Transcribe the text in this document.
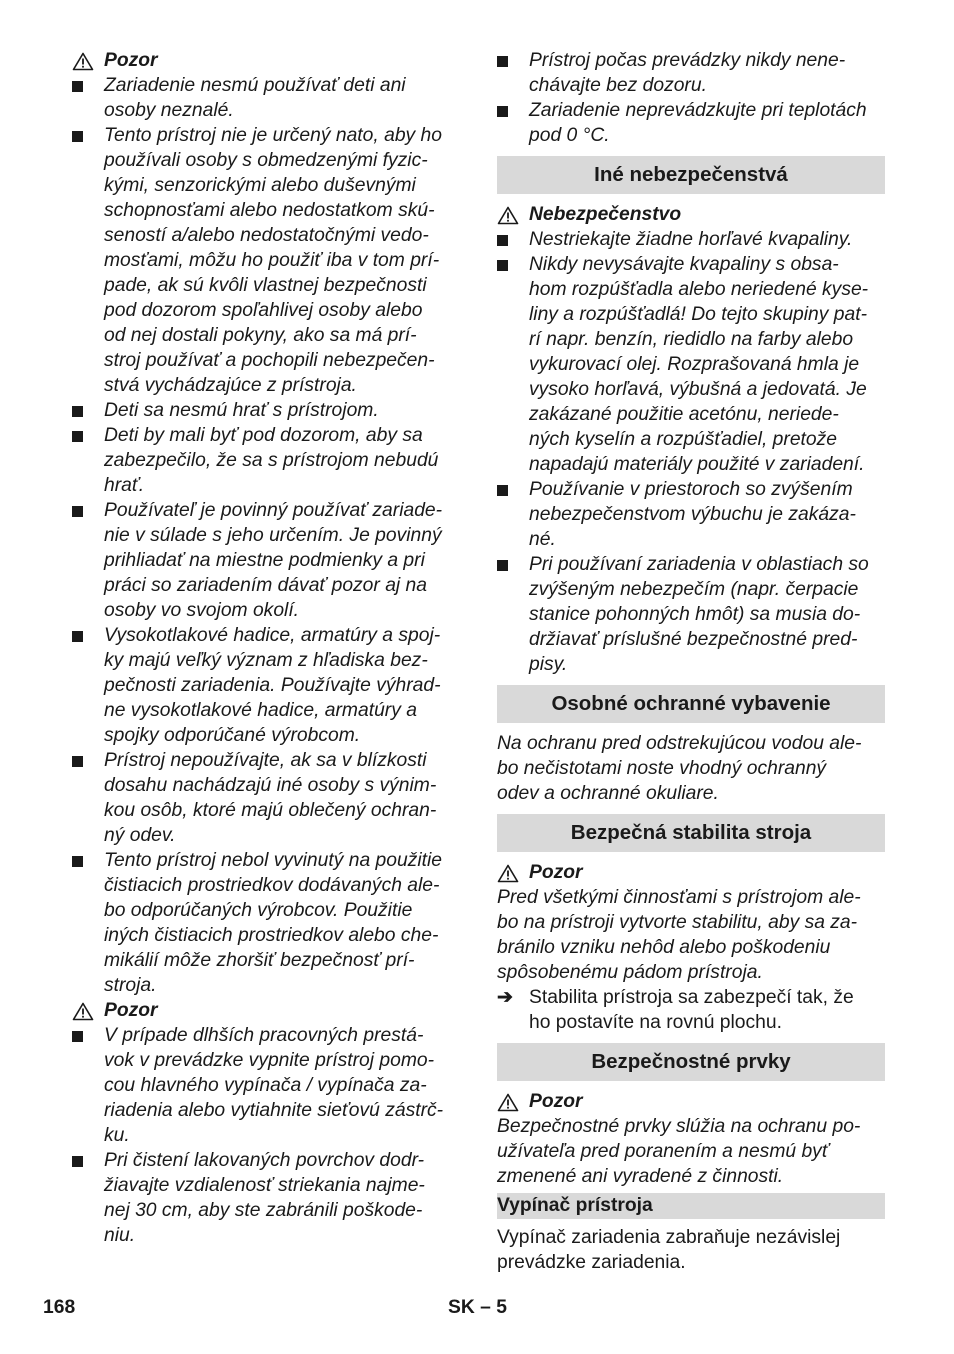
Pozor
Zariadenie nesmú používať deti ani
osoby neznalé.
Tento prístroj nie je určený nato, aby ho
používali osoby s obmedzenými fyzic-
kými, senzorickými alebo duševnými
schopnosťami alebo nedostatkom skú-
seností a/alebo nedostatočnými vedo-
mosťami, môžu ho použiť iba v tom prí-
pade, ak sú kvôli vlastnej bezpečnosti
pod dozorom spoľahlivej osoby alebo
od nej dostali pokyny, ako sa má prí-
stroj používať a pochopili nebezpečen-
stvá vychádzajúce z prístroja.
Deti sa nesmú hrať s prístrojom.
Deti by mali byť pod dozorom, aby sa
zabezpečilo, že sa s prístrojom nebudú
hrať.
Používateľ je povinný používať zariade-
nie v súlade s jeho určením. Je povinný
prihliadať na miestne podmienky a pri
práci so zariadením dávať pozor aj na
osoby vo svojom okolí.
Vysokotlakové hadice, armatúry a spoj-
ky majú veľký význam z hľadiska bez-
pečnosti zariadenia. Používajte výhrad-
ne vysokotlakové hadice, armatúry a
spojky odporúčané výrobcom.
Prístroj nepoužívajte, ak sa v blízkosti
dosahu nachádzajú iné osoby s výnim-
kou osôb, ktoré majú oblečený ochran-
ný odev.
Tento prístroj nebol vyvinutý na použitie
čistiacich prostriedkov dodávaných ale-
bo odporúčaných výrobcov. Použitie
iných čistiacich prostriedkov alebo che-
mikálií môže zhoršiť bezpečnosť prí-
stroja.
Pozor
V prípade dlhších pracovných prestá-
vok v prevádzke vypnite prístroj pomo-
cou hlavného vypínača / vypínača za-
riadenia alebo vytiahnite sieťovú zástrč-
ku.
Pri čistení lakovaných povrchov dodr-
žiavajte vzdialenosť striekania najme-
nej 30 cm, aby ste zabránili poškode-
niu.
Prístroj počas prevádzky nikdy nene-
chávajte bez dozoru.
Zariadenie neprevádzkujte pri teplotách
pod 0 °C.
Iné nebezpečenstvá
Nebezpečenstvo
Nestriekajte žiadne horľavé kvapaliny.
Nikdy nevysávajte kvapaliny s obsa-
hom rozpúšťadla alebo neriedené kyse-
liny a rozpúšťadlá! Do tejto skupiny pat-
rí napr. benzín, riedidlo na farby alebo
vykurovací olej. Rozprašovaná hmla je
vysoko horľavá, výbušná a jedovatá. Je
zakázané použitie acetónu, neriede-
ných kyselín a rozpúšťadiel, pretože
napadajú materiály použité v zariadení.
Používanie v priestoroch so zvýšením
nebezpečenstvom výbuchu je zakáza-
né.
Pri používaní zariadenia v oblastiach so
zvýšeným nebezpečím (napr. čerpacie
stanice pohonných hmôt) sa musia do-
držiavať príslušné bezpečnostné pred-
pisy.
Osobné ochranné vybavenie
Na ochranu pred odstrekujúcou vodou ale-
bo nečistotami noste vhodný ochranný
odev a ochranné okuliare.
Bezpečná stabilita stroja
Pozor
Pred všetkými činnosťami s prístrojom ale-
bo na prístroji vytvorte stabilitu, aby sa za-
bránilo vzniku nehôd alebo poškodeniu
spôsobenému pádom prístroja.
➔ Stabilita prístroja sa zabezpečí tak, že
ho postavíte na rovnú plochu.
Bezpečnostné prvky
Pozor
Bezpečnostné prvky slúžia na ochranu po-
užívateľa pred poranením a nesmú byť
zmenené ani vyradené z činnosti.
Vypínač prístroja
Vypínač zariadenia zabraňuje nezávislej
prevádzke zariadenia.
168	SK – 5
